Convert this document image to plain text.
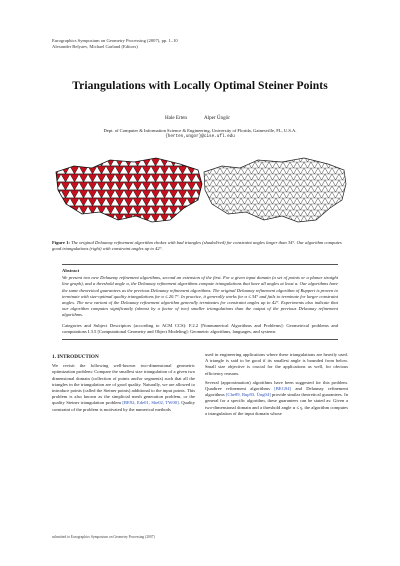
Eurographics Symposium on Geometry Processing (2007), pp. 1–10
Alexander Belyaev, Michael Garland (Editors)
Triangulations with Locally Optimal Steiner Points
Hale Erten	Alper Üngör
Dept. of Computer & Information Science & Engineering, University of Florida, Gainesville, FL, U.S.A.
{herten,ungor}@cise.ufl.edu
Figure 1: The original Delaunay refinement algorithm chokes with bad triangles (shaded/red) for constraint angles larger than 34°. Our algorithm computes good triangulations (right) with constraint angles up to 42°.
Abstract
We present two new Delaunay refinement algorithms, second an extension of the first. For a given input domain (a set of points or a planar straight line graph), and a threshold angle α, the Delaunay refinement algorithms compute triangulations that have all angles at least α. Our algorithms have the same theoretical guarantees as the previous Delaunay refinement algorithms. The original Delaunay refinement algorithm of Ruppert is proven to terminate with size-optimal quality triangulations for α ≤ 20.7°. In practice, it generally works for α ≤ 34° and fails to terminate for larger constraint angles. The new variant of the Delaunay refinement algorithm generally terminates for constraint angles up to 42°. Experiments also indicate that our algorithm computes significantly (almost by a factor of two) smaller triangulations than the output of the previous Delaunay refinement algorithms.
Categories and Subject Descriptors (according to ACM CCS): F.2.2 [Nonnumerical Algorithms and Problems]: Geometrical problems and computations I.3.5 [Computational Geometry and Object Modeling]: Geometric algorithms, languages, and systems
1. INTRODUCTION

We revisit the following well-known two-dimensional geometric optimization problem: Compare the smallest size triangulation of a given two dimensional domain (collection of points and/or segments) such that all the triangles in the triangulation are of good quality. Naturally, we are allowed to introduce points (called the Steiner points) additional to the input points. This problem is also known as the simplicial mesh generation problem, or the quality Steiner triangulation problem [BE92, Ede01, She02, TW00]. Quality constraint of the problem is motivated by the numerical methods

used in engineering applications where these triangulations are heavily used. A triangle is said to be good if its smallest angle is bounded from below. Small size objective is crucial for the applications as well, for obvious efficiency reasons.

Several (approximation) algorithms have been suggested for this problem. Quadtree refinement algorithms [BEG94] and Delaunay refinement algorithms [Che89, Rup93, Üng04] provide similar theoretical guarantees. In general for a specific algorithm, these guarantees can be stated as: Given a two-dimensional domain and a threshold angle α ≤ γ, the algorithm computes a triangulation of the input domain whose

submitted to Eurographics Symposium on Geometry Processing (2007)
